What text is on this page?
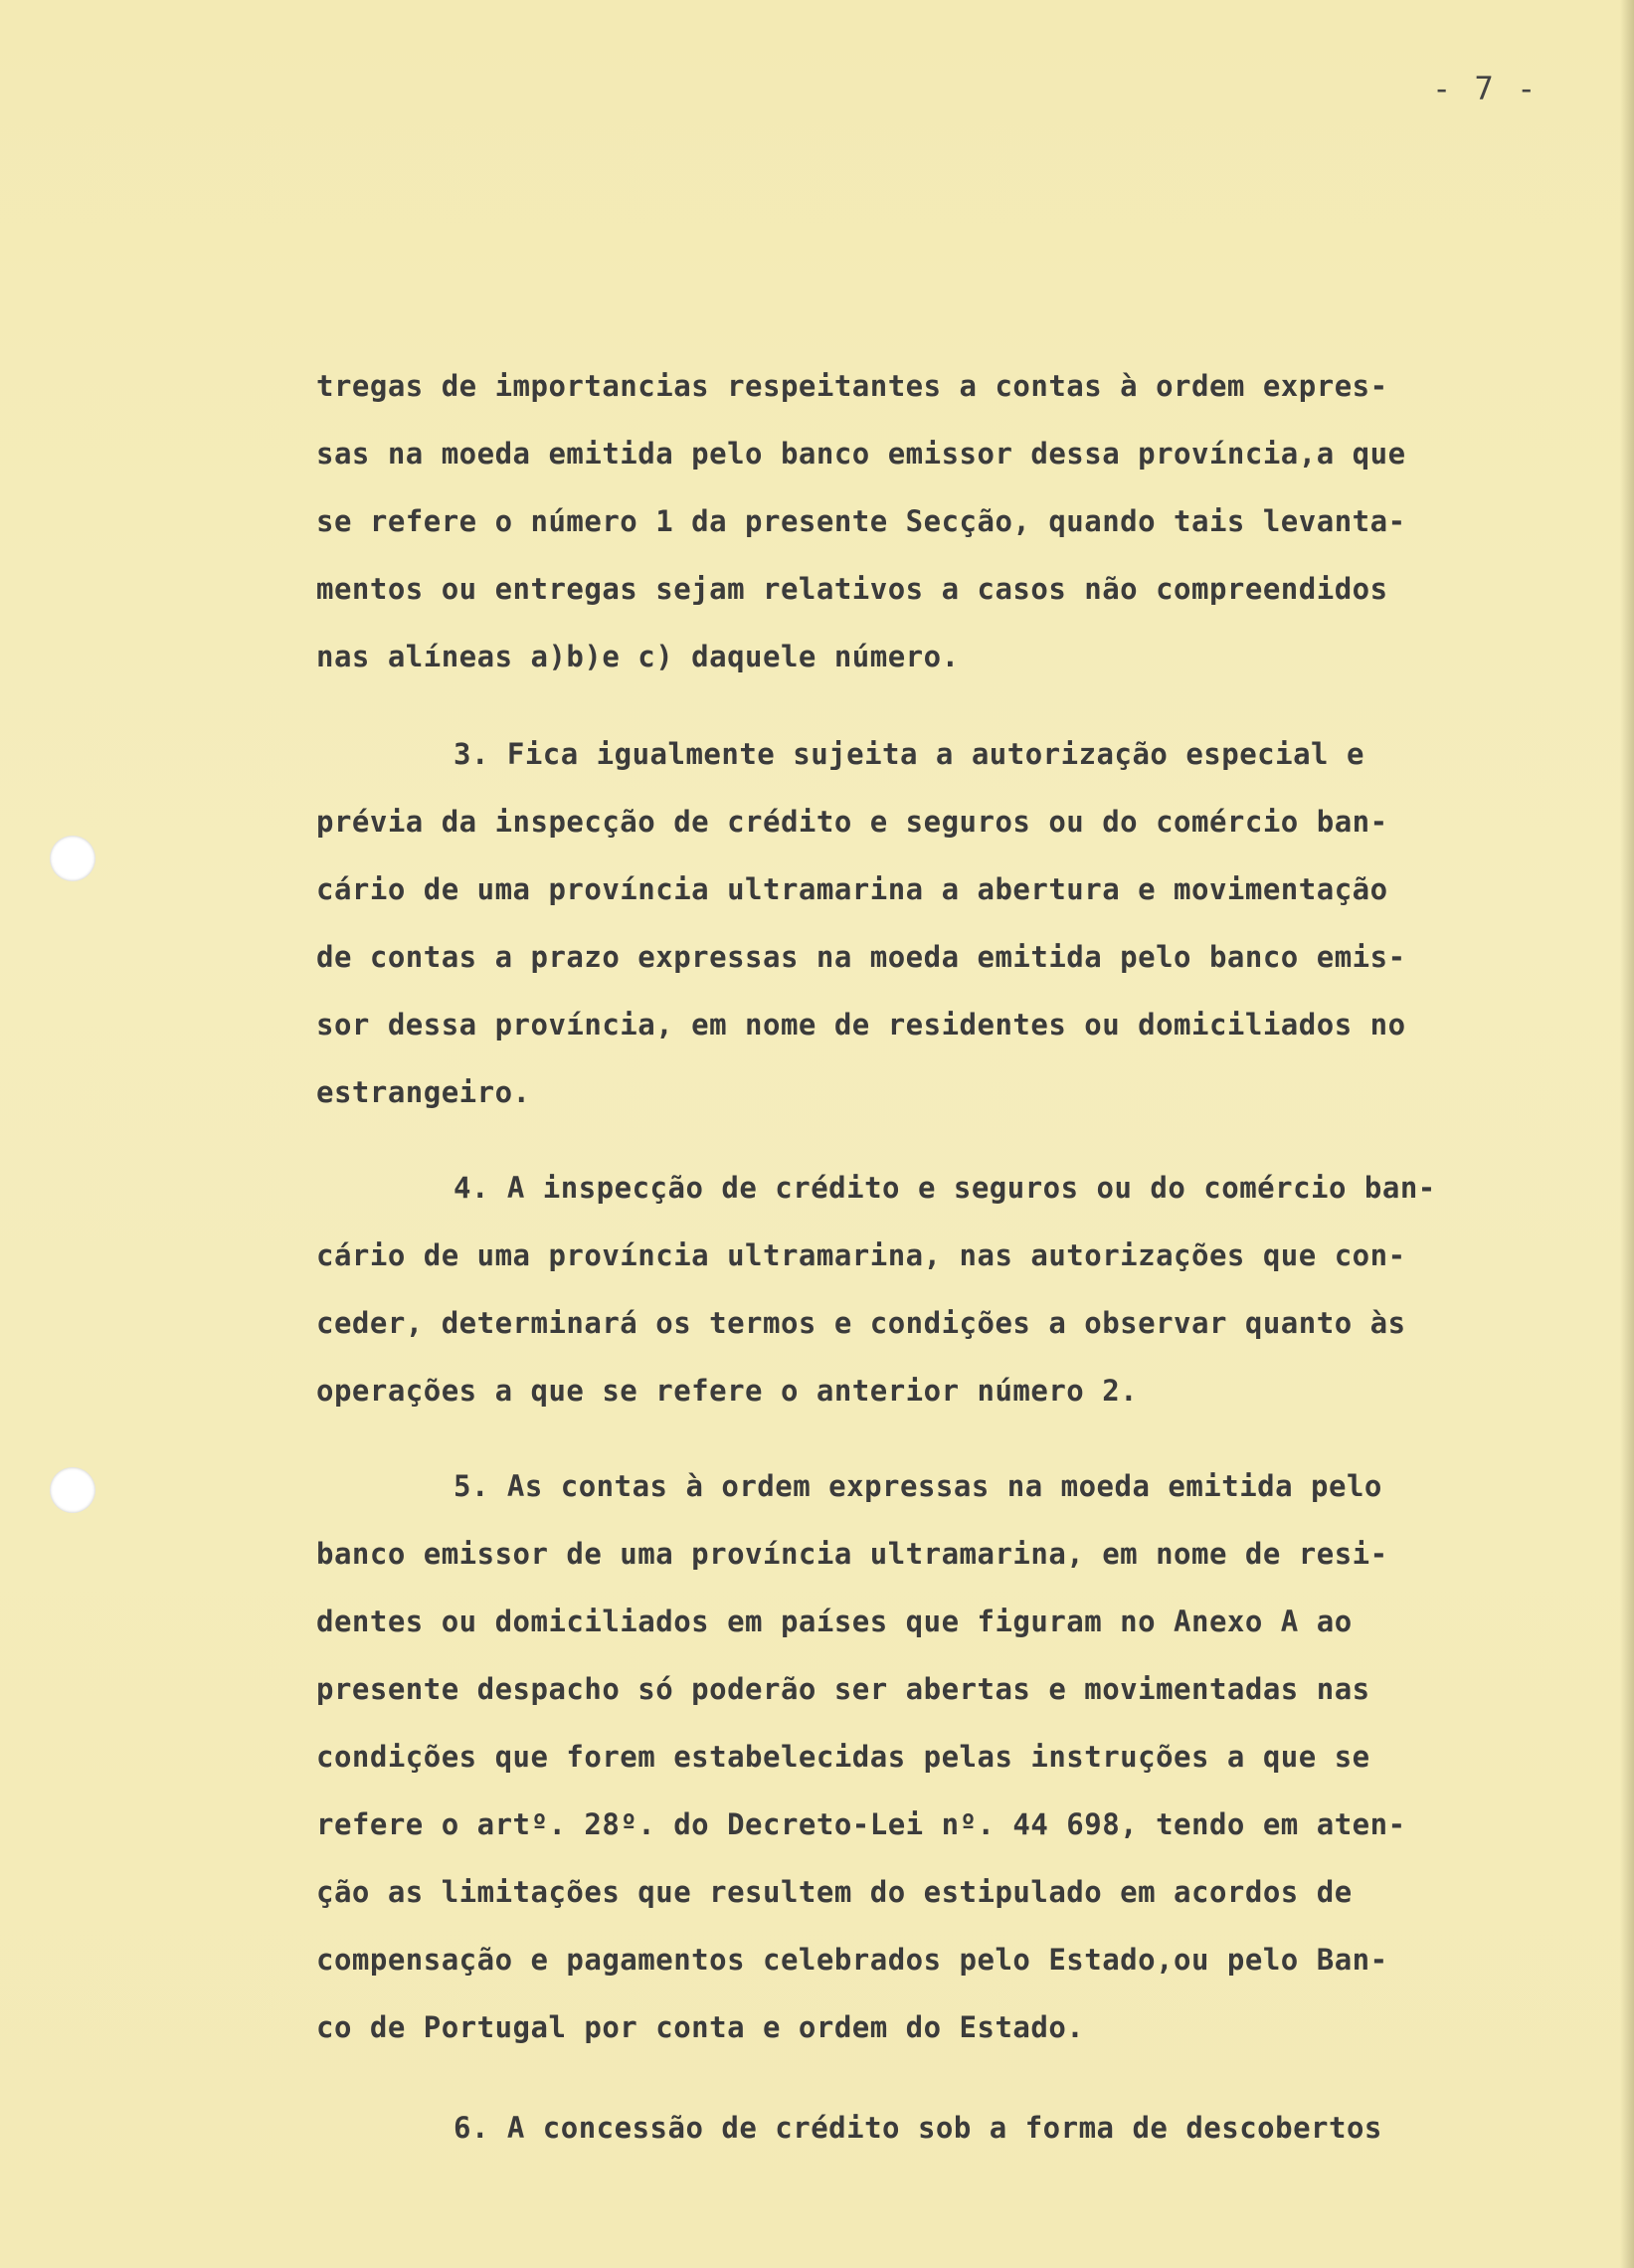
- 7 -

tregas de importancias respeitantes a contas à ordem expres-
sas na moeda emitida pelo banco emissor dessa província,a que
se refere o número 1 da presente Secção, quando tais levanta-
mentos ou entregas sejam relativos a casos não compreendidos
nas alíneas a)b)e c) daquele número.

3. Fica igualmente sujeita a autorização especial e
prévia da inspecção de crédito e seguros ou do comércio ban-
cário de uma província ultramarina a abertura e movimentação
de contas a prazo expressas na moeda emitida pelo banco emis-
sor dessa província, em nome de residentes ou domiciliados no
estrangeiro.

4. A inspecção de crédito e seguros ou do comércio ban-
cário de uma província ultramarina, nas autorizações que con-
ceder, determinará os termos e condições a observar quanto às
operações a que se refere o anterior número 2.

5. As contas à ordem expressas na moeda emitida pelo
banco emissor de uma província ultramarina, em nome de resi-
dentes ou domiciliados em países que figuram no Anexo A ao
presente despacho só poderão ser abertas e movimentadas nas
condições que forem estabelecidas pelas instruções a que se
refere o artº. 28º. do Decreto-Lei nº. 44 698, tendo em aten-
ção as limitações que resultem do estipulado em acordos de
compensação e pagamentos celebrados pelo Estado,ou pelo Ban-
co de Portugal por conta e ordem do Estado.

6. A concessão de crédito sob a forma de descobertos
